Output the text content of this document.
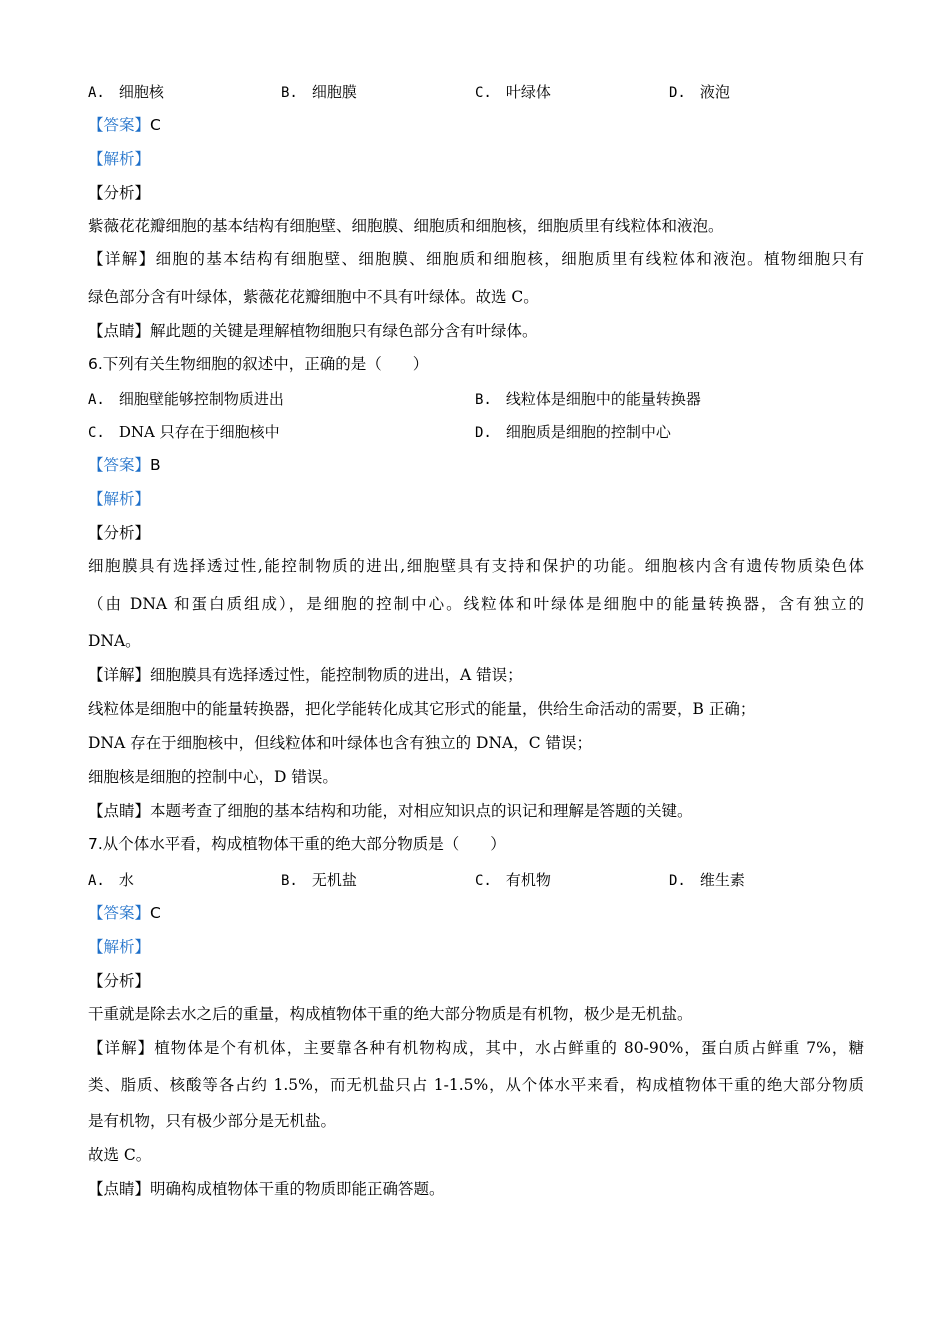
A. 细胞核	B. 细胞膜	C. 叶绿体	D. 液泡
【答案】C
【解析】
【分析】
紫薇花花瓣细胞的基本结构有细胞壁、细胞膜、细胞质和细胞核，细胞质里有线粒体和液泡。
【详解】细胞的基本结构有细胞壁、细胞膜、细胞质和细胞核，细胞质里有线粒体和液泡。植物细胞只有
绿色部分含有叶绿体，紫薇花花瓣细胞中不具有叶绿体。故选 C。
【点睛】解此题的关键是理解植物细胞只有绿色部分含有叶绿体。
6.下列有关生物细胞的叙述中，正确的是（　　）
A. 细胞壁能够控制物质进出	B. 线粒体是细胞中的能量转换器
C. DNA 只存在于细胞核中	D. 细胞质是细胞的控制中心
【答案】B
【解析】
【分析】
细胞膜具有选择透过性,能控制物质的进出,细胞壁具有支持和保护的功能。细胞核内含有遗传物质染色体
（由 DNA 和蛋白质组成），是细胞的控制中心。线粒体和叶绿体是细胞中的能量转换器，含有独立的
DNA。
【详解】细胞膜具有选择透过性，能控制物质的进出，A 错误；
线粒体是细胞中的能量转换器，把化学能转化成其它形式的能量，供给生命活动的需要，B 正确；
DNA 存在于细胞核中，但线粒体和叶绿体也含有独立的 DNA，C 错误；
细胞核是细胞的控制中心，D 错误。
【点睛】本题考查了细胞的基本结构和功能，对相应知识点的识记和理解是答题的关键。
7.从个体水平看，构成植物体干重的绝大部分物质是（　　）
A. 水	B. 无机盐	C. 有机物	D. 维生素
【答案】C
【解析】
【分析】
干重就是除去水之后的重量，构成植物体干重的绝大部分物质是有机物，极少是无机盐。
【详解】植物体是个有机体，主要靠各种有机物构成，其中，水占鲜重的 80-90%，蛋白质占鲜重 7%，糖
类、脂质、核酸等各占约 1.5%，而无机盐只占 1-1.5%，从个体水平来看，构成植物体干重的绝大部分物质
是有机物，只有极少部分是无机盐。
故选 C。
【点睛】明确构成植物体干重的物质即能正确答题。
